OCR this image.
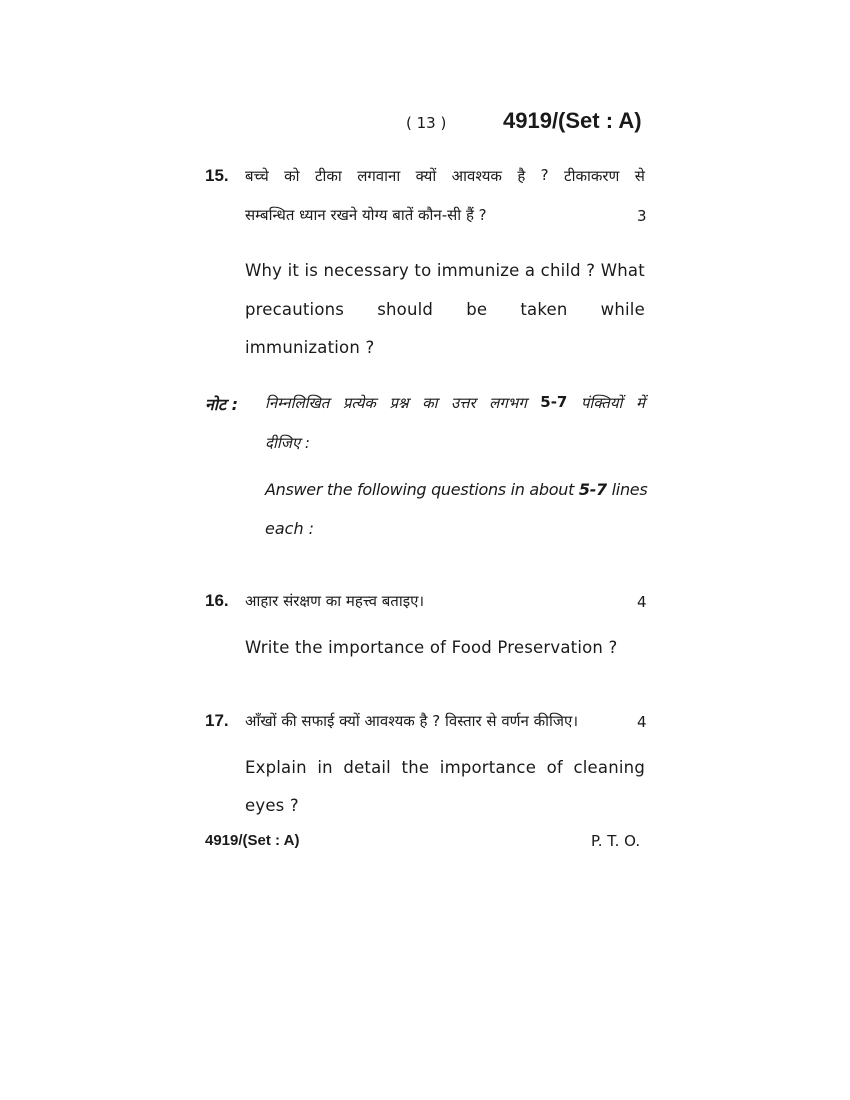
( 13 )	4919/(Set : A)
15. बच्चे को टीका लगवाना क्यों आवश्यक है ? टीकाकरण से
सम्बन्धित ध्यान रखने योग्य बातें कौन-सी हैं ?	3
Why it is necessary to immunize a child ? What
precautions should be taken while
immunization ?
नोट : निम्नलिखित प्रत्येक प्रश्न का उत्तर लगभग 5-7 पंक्तियों में
दीजिए :
Answer the following questions in about 5-7 lines
each :
16. आहार संरक्षण का महत्त्व बताइए।	4
Write the importance of Food Preservation ?
17. आँखों की सफाई क्यों आवश्यक है ? विस्तार से वर्णन कीजिए।	4
Explain in detail the importance of cleaning
eyes ?
4919/(Set : A)	P. T. O.
